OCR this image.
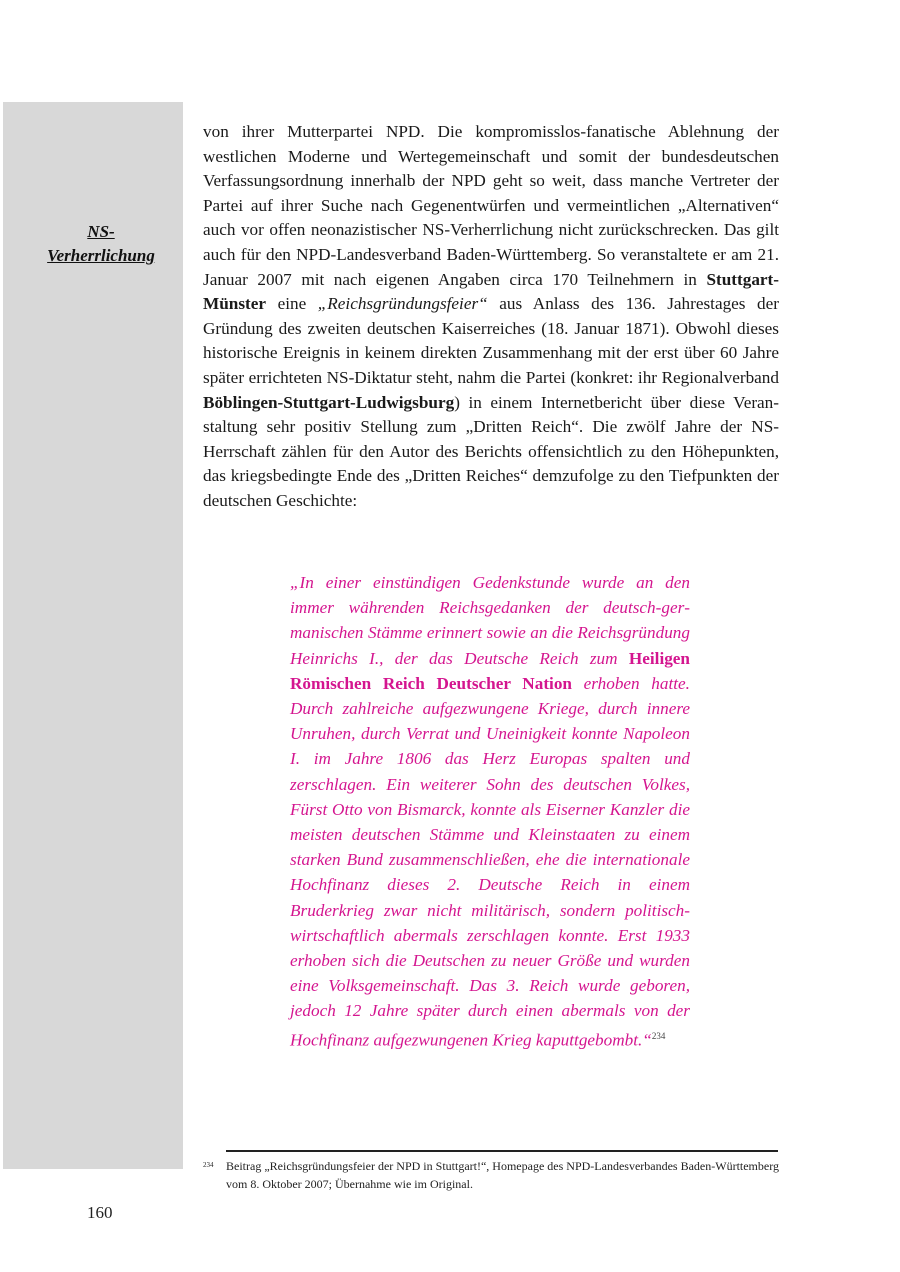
NS-
Verherrlichung

von ihrer Mutterpartei NPD. Die kompromisslos-fanatische Ablehnung der westlichen Moderne und Wertegemeinschaft und somit der bundesdeutschen Verfassungsordnung innerhalb der NPD geht so weit, dass manche Vertreter der Partei auf ihrer Suche nach Gegenentwürfen und vermeintlichen „Alternativen“ auch vor offen neonazistischer NS-Verherrlichung nicht zurückschrecken. Das gilt auch für den NPD-Landesverband Baden-Württemberg. So veranstaltete er am 21. Januar 2007 mit nach eigenen Angaben circa 170 Teilnehmern in Stuttgart-Münster eine „Reichsgründungsfeier“ aus Anlass des 136. Jahrestages der Gründung des zweiten deutschen Kaiserreiches (18. Januar 1871). Obwohl dieses historische Ereignis in keinem direkten Zusammenhang mit der erst über 60 Jahre später errichteten NS-Diktatur steht, nahm die Partei (konkret: ihr Regionalverband Böblingen-Stuttgart-Ludwigsburg) in einem Internetbericht über diese Veranstaltung sehr positiv Stellung zum „Dritten Reich“. Die zwölf Jahre der NS-Herrschaft zählen für den Autor des Berichts offensichtlich zu den Höhepunkten, das kriegsbedingte Ende des „Dritten Reiches“ demzufolge zu den Tiefpunkten der deutschen Geschichte:

„In einer einstündigen Gedenkstunde wurde an den immer währenden Reichsgedanken der deutsch-germanischen Stämme erinnert sowie an die Reichsgründung Heinrichs I., der das Deutsche Reich zum Heiligen Römischen Reich Deutscher Nation erhoben hatte. Durch zahlreiche aufgezwungene Kriege, durch innere Unruhen, durch Verrat und Uneinigkeit konnte Napoleon I. im Jahre 1806 das Herz Europas spalten und zerschlagen. Ein weiterer Sohn des deutschen Volkes, Fürst Otto von Bismarck, konnte als Eiserner Kanzler die meisten deutschen Stämme und Kleinstaaten zu einem starken Bund zusammenschließen, ehe die internationale Hochfinanz dieses 2. Deutsche Reich in einem Bruderkrieg zwar nicht militärisch, sondern politisch-wirtschaftlich abermals zerschlagen konnte. Erst 1933 erhoben sich die Deutschen zu neuer Größe und wurden eine Volksgemeinschaft. Das 3. Reich wurde geboren, jedoch 12 Jahre später durch einen abermals von der Hochfinanz aufgezwungenen Krieg kaputtgebombt.“$^{234}$

234 Beitrag „Reichsgründungsfeier der NPD in Stuttgart!“, Homepage des NPD-Landesverbandes Baden-Württemberg vom 8. Oktober 2007; Übernahme wie im Original.
160
